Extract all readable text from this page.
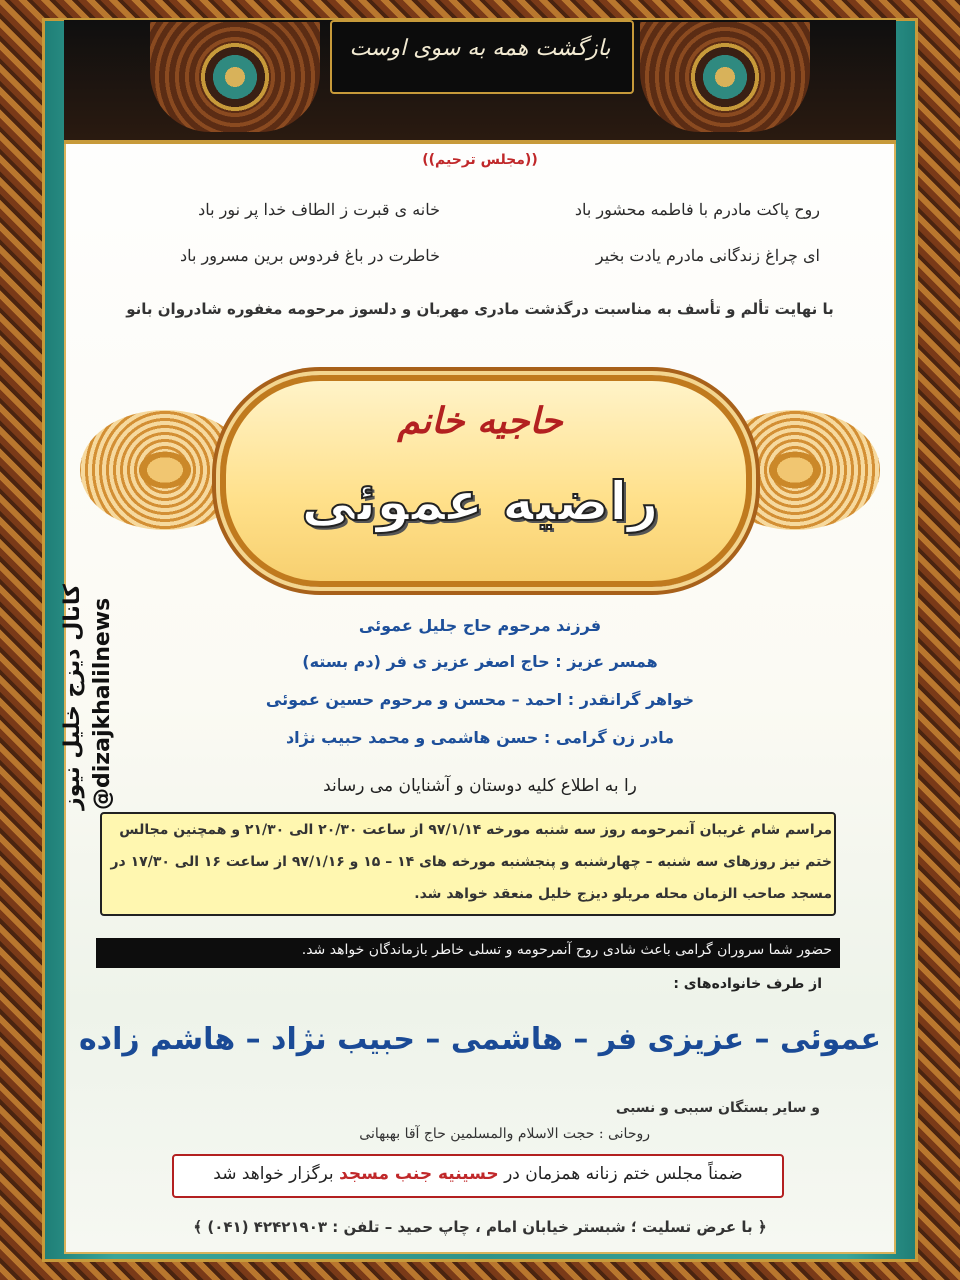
بازگشت همه به سوی اوست
((مجلس ترحیم))
روح پاکت مادرم با فاطمه محشور باد
خانه ی قبرت ز الطاف خدا پر نور باد
ای چراغ زندگانی مادرم یادت بخیر
خاطرت در باغ فردوس برین مسرور باد
با نهایت تألم و تأسف به مناسبت درگذشت مادری مهربان و دلسوز مرحومه مغفوره شادروان بانو
حاجیه خانم
راضیه عموئی
فرزند مرحوم حاج جلیل عموئی
همسر عزیز : حاج اصغر عزیز ی فر (دم بسته)
خواهر گرانقدر : احمد – محسن و مرحوم حسین عموئی
مادر زن گرامی : حسن هاشمی و محمد حبیب نژاد
را به اطلاع کلیه دوستان و آشنایان می رساند
مراسم شام غریبان آنمرحومه روز سه شنبه مورخه ۹۷/۱/۱۴ از ساعت ۲۰/۳۰ الی ۲۱/۳۰ و همچنین مجالس
ختم نیز روزهای سه شنبه – چهارشنبه و پنجشنبه مورخه های ۱۴ – ۱۵ و ۹۷/۱/۱۶ از ساعت ۱۶ الی ۱۷/۳۰ در
مسجد صاحب الزمان محله مریلو دیزج خلیل منعقد خواهد شد.
حضور شما سروران گرامی باعث شادی روح آنمرحومه و تسلی خاطر بازماندگان خواهد شد.
از طرف خانواده‌های :
عموئی – عزیزی فر – هاشمی – حبیب نژاد – هاشم زاده
و سایر بستگان سببی و نسبی
روحانی : حجت الاسلام والمسلمین حاج آقا بهبهانی
ضمناً مجلس ختم زنانه همزمان در حسینیه جنب مسجد برگزار خواهد شد
﴿ با عرض تسلیت ؛ شبستر خیابان امام ، چاپ حمید – تلفن : ۴۲۴۲۱۹۰۳ (۰۴۱) ﴾
کانال دیزج خلیل نیوز @dizajkhalilnews
